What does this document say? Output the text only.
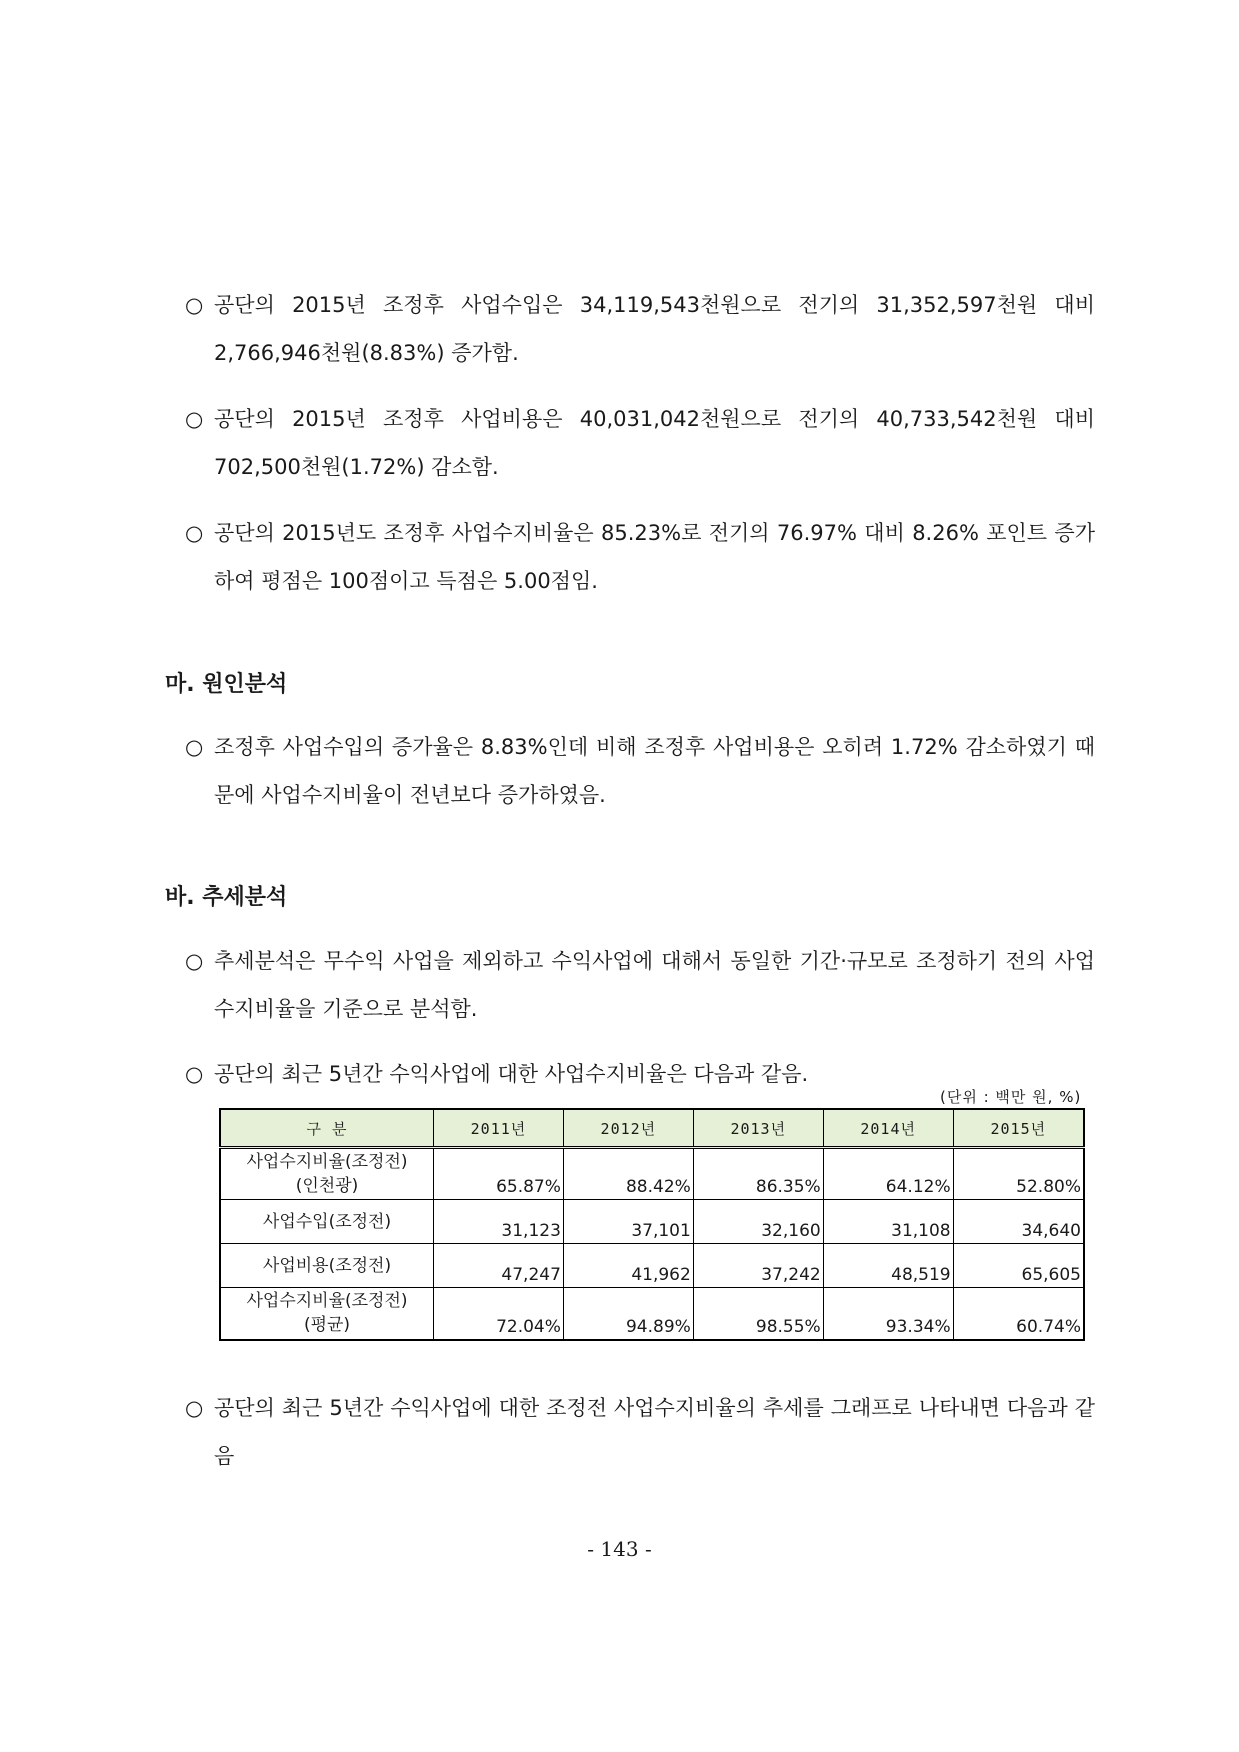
○ 공단의 2015년 조정후 사업수입은 34,119,543천원으로 전기의 31,352,597천원 대비 2,766,946천원(8.83%) 증가함.
○ 공단의 2015년 조정후 사업비용은 40,031,042천원으로 전기의 40,733,542천원 대비 702,500천원(1.72%) 감소함.
○ 공단의 2015년도 조정후 사업수지비율은 85.23%로 전기의 76.97% 대비 8.26% 포인트 증가하여 평점은 100점이고 득점은 5.00점임.
마. 원인분석
○ 조정후 사업수입의 증가율은 8.83%인데 비해 조정후 사업비용은 오히려 1.72% 감소하였기 때문에 사업수지비율이 전년보다 증가하였음.
바. 추세분석
○ 추세분석은 무수익 사업을 제외하고 수익사업에 대해서 동일한 기간·규모로 조정하기 전의 사업수지비율을 기준으로 분석함.
○ 공단의 최근 5년간 수익사업에 대한 사업수지비율은 다음과 같음.
(단위 : 백만 원, %)
구 분	2011년	2012년	2013년	2014년	2015년

사업수지비율(조정전)
(인천광)	65.87%	88.42%	86.35%	64.12%	52.80%
사업수입(조정전)	31,123	37,101	32,160	31,108	34,640
사업비용(조정전)	47,247	41,962	37,242	48,519	65,605

사업수지비율(조정전)
(평균)	72.04%	94.89%	98.55%	93.34%	60.74%
○ 공단의 최근 5년간 수익사업에 대한 조정전 사업수지비율의 추세를 그래프로 나타내면 다음과 같음
- 143 -
